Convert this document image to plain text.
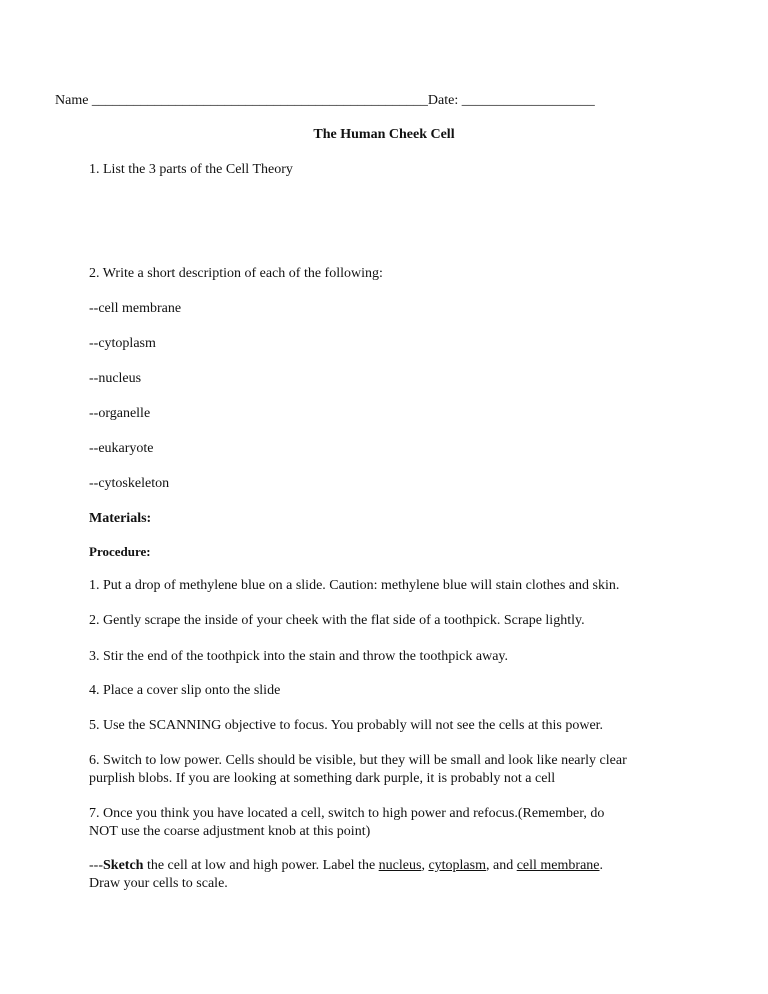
Name ________________________________________________Date: ___________________
The Human Cheek Cell
1. List the 3 parts of the Cell Theory
2. Write a short description of each of the following:
--cell membrane
--cytoplasm
--nucleus
--organelle
--eukaryote
--cytoskeleton
Materials:
Procedure:
1. Put a drop of methylene blue on a slide. Caution: methylene blue will stain clothes and skin.
2. Gently scrape the inside of your cheek with the flat side of a toothpick. Scrape lightly.
3. Stir the end of the toothpick into the stain and throw the toothpick away.
4. Place a cover slip onto the slide
5. Use the SCANNING objective to focus. You probably will not see the cells at this power.
6. Switch to low power. Cells should be visible, but they will be small and look like nearly clear
purplish blobs. If you are looking at something dark purple, it is probably not a cell
7. Once you think you have located a cell, switch to high power and refocus.(Remember, do
NOT use the coarse adjustment knob at this point)
---Sketch the cell at low and high power. Label the nucleus, cytoplasm, and cell membrane.
Draw your cells to scale.
